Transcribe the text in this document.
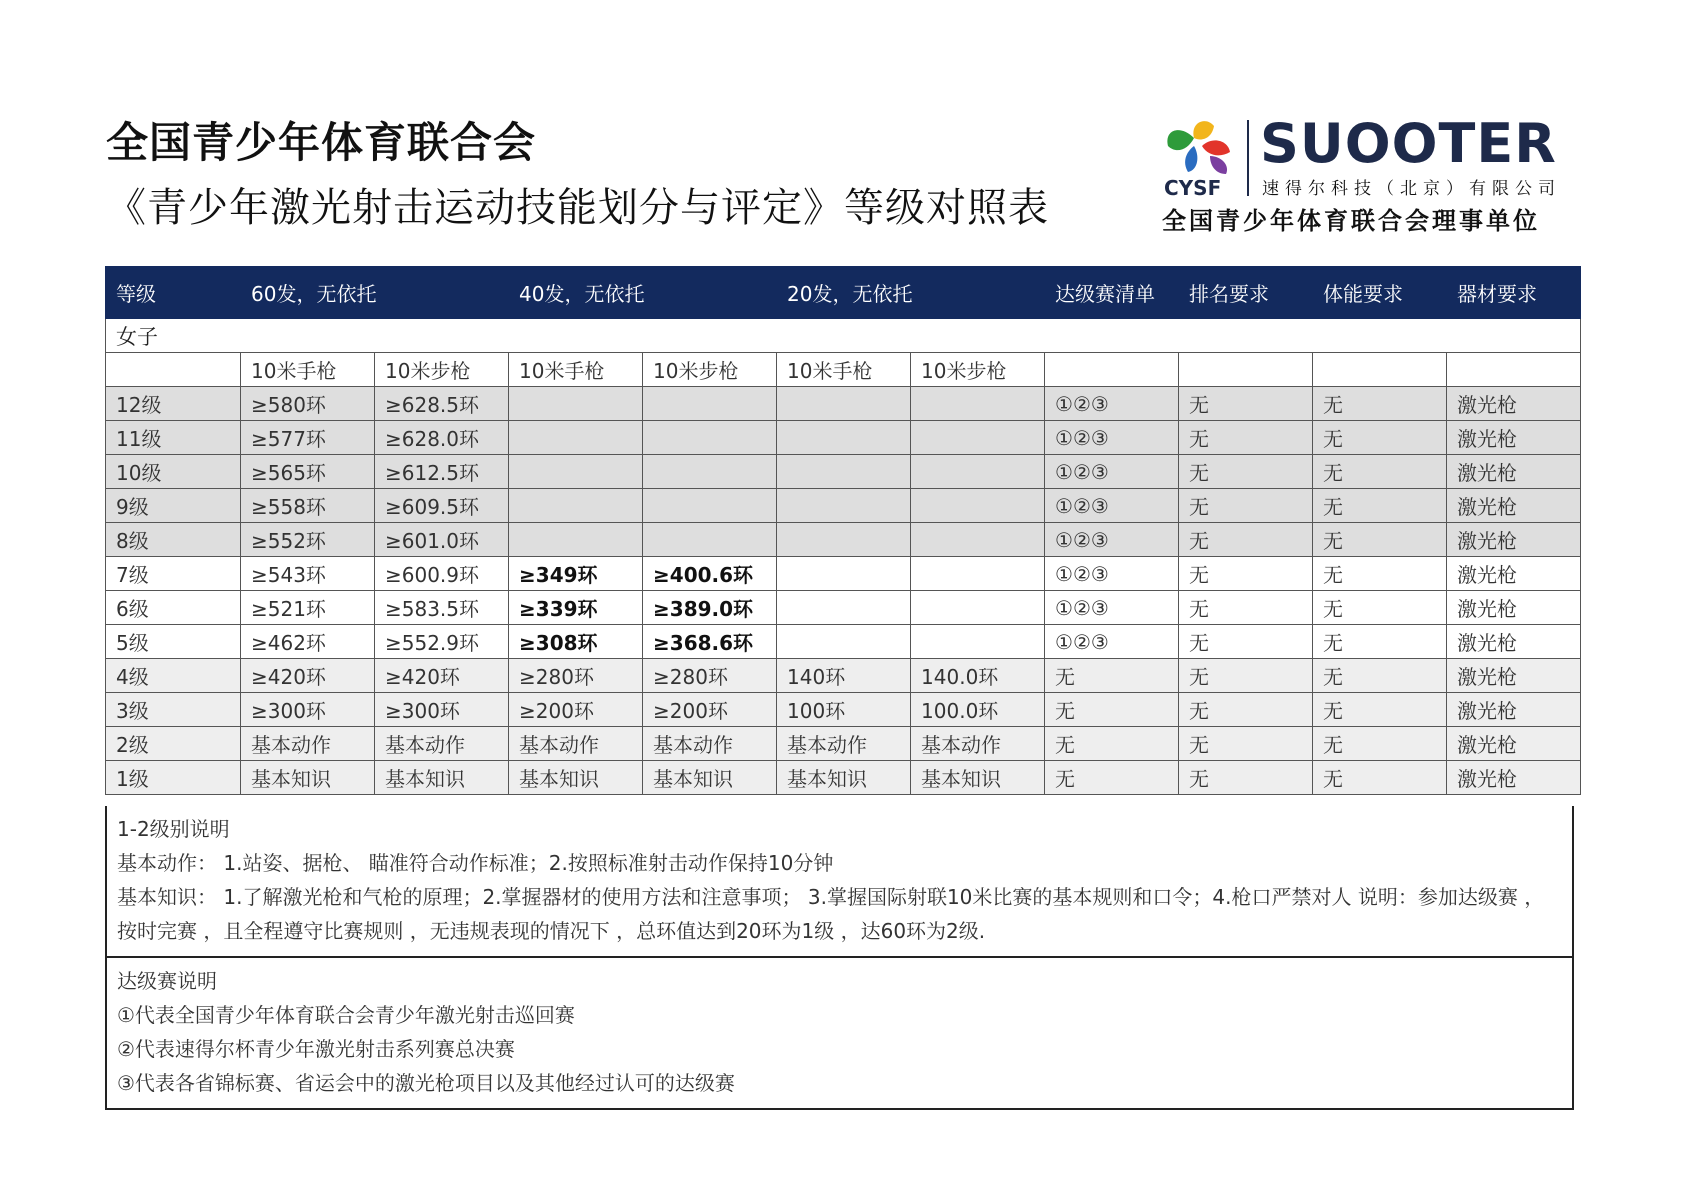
全国青少年体育联合会
《青少年激光射击运动技能划分与评定》等级对照表	CYSF
SUOOTER
速得尔科技（北京）有限公司
全国青少年体育联合会理事单位
等级	60发，无依托		40发，无依托		20发，无依托		达级赛清单	排名要求	体能要求	器材要求
女子										
	10米手枪	10米步枪	10米手枪	10米步枪	10米手枪	10米步枪				
12级	≥580环	≥628.5环					①②③	无	无	激光枪
11级	≥577环	≥628.0环					①②③	无	无	激光枪
10级	≥565环	≥612.5环					①②③	无	无	激光枪
9级	≥558环	≥609.5环					①②③	无	无	激光枪
8级	≥552环	≥601.0环					①②③	无	无	激光枪
7级	≥543环	≥600.9环	≥349环	≥400.6环			①②③	无	无	激光枪
6级	≥521环	≥583.5环	≥339环	≥389.0环			①②③	无	无	激光枪
5级	≥462环	≥552.9环	≥308环	≥368.6环			①②③	无	无	激光枪
4级	≥420环	≥420环	≥280环	≥280环	140环	140.0环	无	无	无	激光枪
3级	≥300环	≥300环	≥200环	≥200环	100环	100.0环	无	无	无	激光枪
2级	基本动作	基本动作	基本动作	基本动作	基本动作	基本动作	无	无	无	激光枪
1级	基本知识	基本知识	基本知识	基本知识	基本知识	基本知识	无	无	无	激光枪
1-2级别说明
基本动作： 1.站姿、据枪、 瞄准符合动作标准；2.按照标准射击动作保持10分钟
基本知识： 1.了解激光枪和气枪的原理；2.掌握器材的使用方法和注意事项； 3.掌握国际射联10米比赛的基本规则和口令；4.枪口严禁对人 说明：参加达级赛 ， 按时完赛 ，且全程遵守比赛规则 ，无违规表现的情况下 ，总环值达到20环为1级 ，达60环为2级.
达级赛说明
①代表全国青少年体育联合会青少年激光射击巡回赛
②代表速得尔杯青少年激光射击系列赛总决赛
③代表各省锦标赛、省运会中的激光枪项目以及其他经过认可的达级赛
